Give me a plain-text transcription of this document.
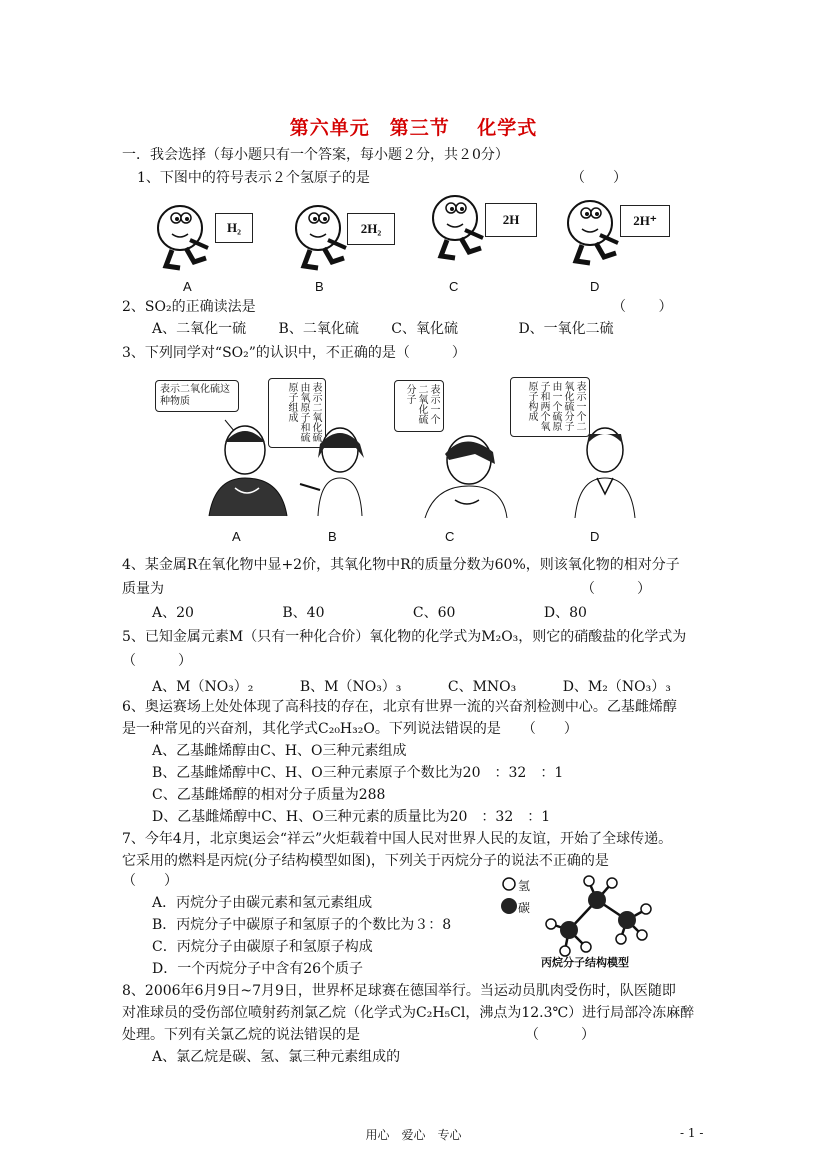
第六单元　第三节　 化学式
一．我会选择（每小题只有一个答案，每小题２分，共２0分）
1、下图中的符号表示２个氢原子的是	（　　）
H₂	2H₂
2H	2H⁺
A	B	C	D
2、SO₂的正确读法是	（　　 ）
A、二氧化一硫　　 B、二氧化硫　　 C、氧化硫　　　　 D、一氧化二硫
3、下列同学对“SO₂”的认识中，不正确的是（　　　）
表示二氧化硫这种物质	表示二氧化硫由氧原子和硫原子组成	表示一个二氧化硫分子	表示一个二氧化硫分子由一个硫原子和两个氧原子构成
A	B	C	D
4、某金属R在氧化物中显+2价，其氧化物中R的质量分数为60%，则该氧化物的相对分子
质量为	（　　　）
A、20　　　　　　 B、40　　　　　　 C、60　　　　　　 D、80
5、已知金属元素M（只有一种化合价）氧化物的化学式为M₂O₃，则它的硝酸盐的化学式为
（　　　）
A、M（NO₃）₂　　　 B、M（NO₃）₃　　　 C、MNO₃　　　 D、M₂（NO₃）₃
6、奥运赛场上处处体现了高科技的存在，北京有世界一流的兴奋剂检测中心。乙基雌烯醇
是一种常见的兴奋剂，其化学式C₂₀H₃₂O。下列说法错误的是　　（　　）
A、乙基雌烯醇由C、H、O三种元素组成
B、乙基雌烯醇中C、H、O三种元素原子个数比为20　：32　：1
C、乙基雌烯醇的相对分子质量为288
D、乙基雌烯醇中C、H、O三种元素的质量比为20　：32　：1
7、今年4月，北京奥运会“祥云”火炬载着中国人民对世界人民的友谊，开始了全球传递。
它采用的燃料是丙烷(分子结构模型如图)，下列关于丙烷分子的说法不正确的是
（　　）
A．丙烷分子由碳元素和氢元素组成
B．丙烷分子中碳原子和氢原子的个数比为３：8
C．丙烷分子由碳原子和氢原子构成
D．一个丙烷分子中含有26个质子
氢
碳
丙烷分子结构模型
8、2006年6月9日~7月9日，世界杯足球赛在德国举行。当运动员肌肉受伤时，队医随即
对准球员的受伤部位喷射药剂氯乙烷（化学式为C₂H₅Cl，沸点为12.3℃）进行局部冷冻麻醉
处理。下列有关氯乙烷的说法错误的是	（　　　）
A、氯乙烷是碳、氢、氯三种元素组成的
用心　爱心　专心	- 1 -
